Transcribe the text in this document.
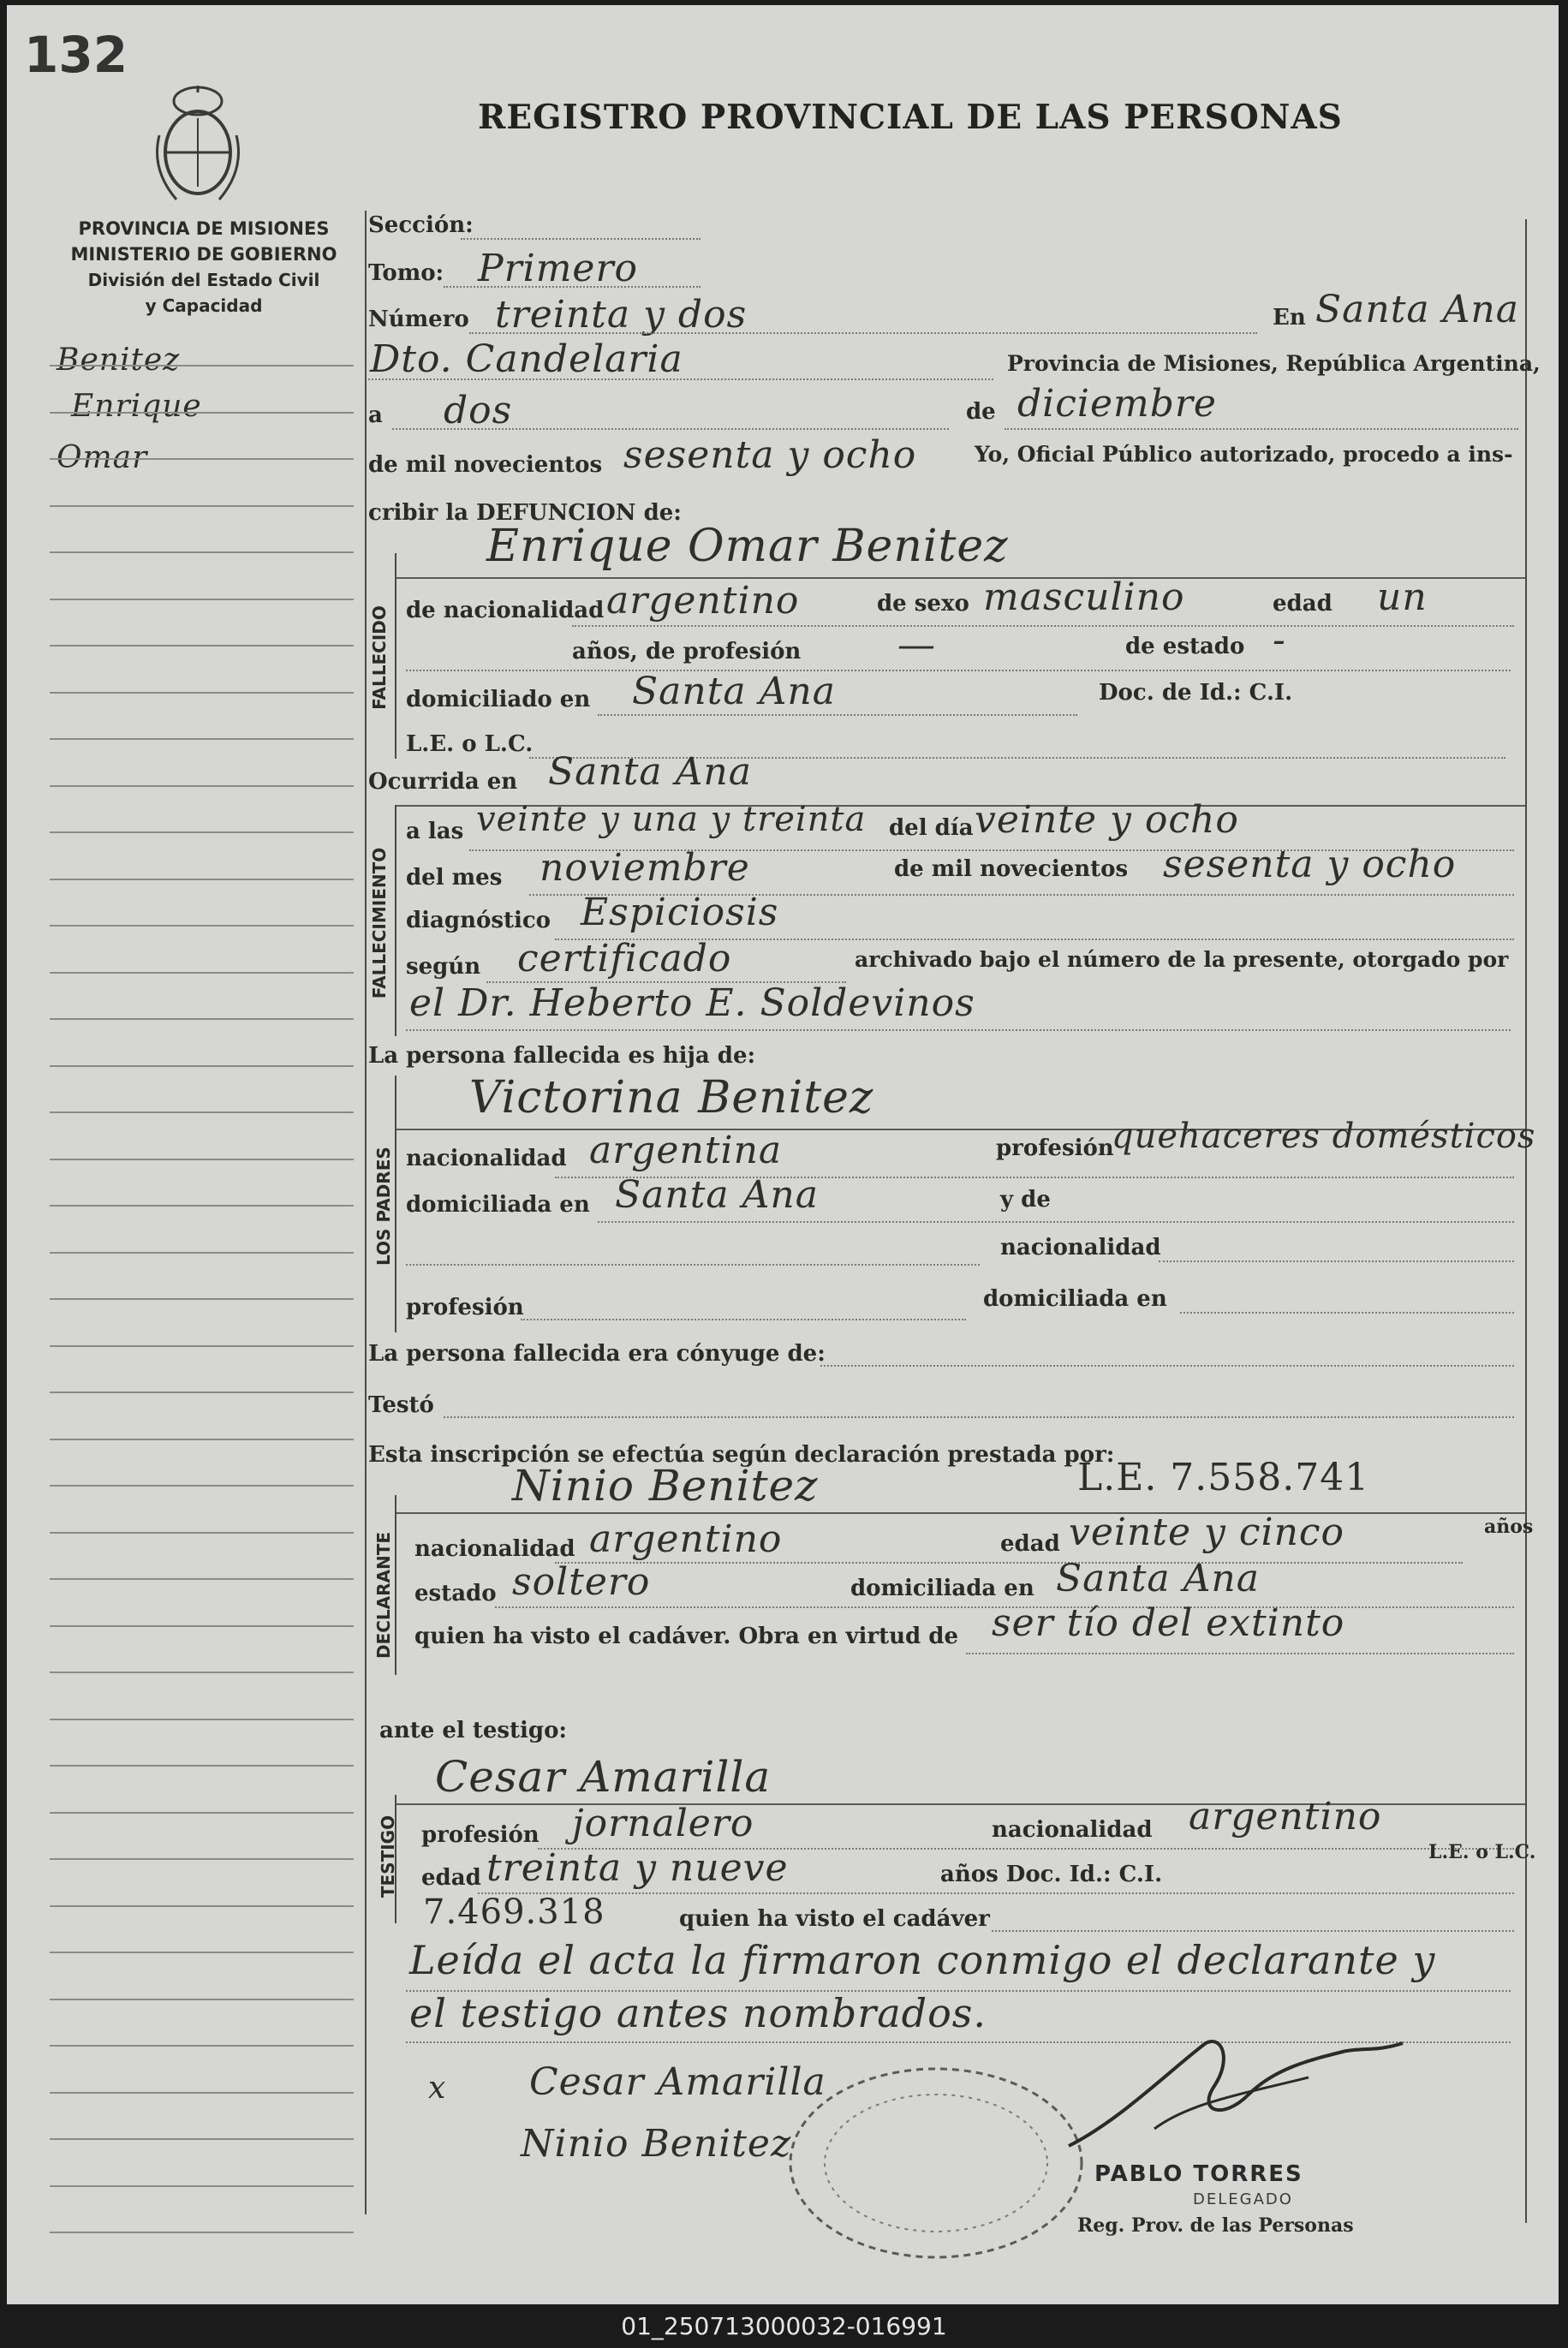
132
REGISTRO PROVINCIAL DE LAS PERSONAS
PROVINCIA DE MISIONES
MINISTERIO DE GOBIERNO
División del Estado Civil
y Capacidad
Benitez
Enrique
Omar
Sección:
Tomo: Primero
Número treinta y dos	En Santa Ana
Dto. Candelaria	Provincia de Misiones, República Argentina,
a dos	de diciembre
de mil novecientos sesenta y ocho	Yo, Oficial Público autorizado, procedo a ins-
cribir la DEFUNCION de:
Enrique Omar Benitez
FALLECIDO de nacionalidad argentino	de sexo masculino	edad un
años, de profesión	—	de estado -
domiciliado en Santa Ana	Doc. de Id.: C.I.
L.E. o L.C.
Ocurrida en Santa Ana
FALLECIMIENTO
a las veinte y una y treinta del día veinte y ocho
del mes noviembre	de mil novecientos sesenta y ocho
diagnóstico Espiciosis
según certificado	archivado bajo el número de la presente, otorgado por
el Dr. Heberto E. Soldevinos
La persona fallecida es hija de:
Victorina Benitez
LOS PADRES nacionalidad argentina	profesión
quehaceres domésticos
domiciliada en Santa Ana	y de
nacionalidad
profesión	domiciliada en
La persona fallecida era cónyuge de:
Testó
Esta inscripción se efectúa según declaración prestada por:
Ninio Benitez	L.E. 7.558.741
DECLARANTE nacionalidad argentino	edad veinte y cinco	años
estado soltero	domiciliada en Santa Ana
quien ha visto el cadáver. Obra en virtud de ser tío del extinto
ante el testigo:
Cesar Amarilla
TESTIGO profesión jornalero	nacionalidad argentino
edad treinta y nueve	años Doc. Id.: C.I.
L.E. o L.C.
7.469.318	quien ha visto el cadáver
Leída el acta la firmaron conmigo el declarante y
el testigo antes nombrados.
x Cesar Amarilla
Ninio Benitez
PABLO TORRES
DELEGADO
Reg. Prov. de las Personas
01_250713000032-016991
